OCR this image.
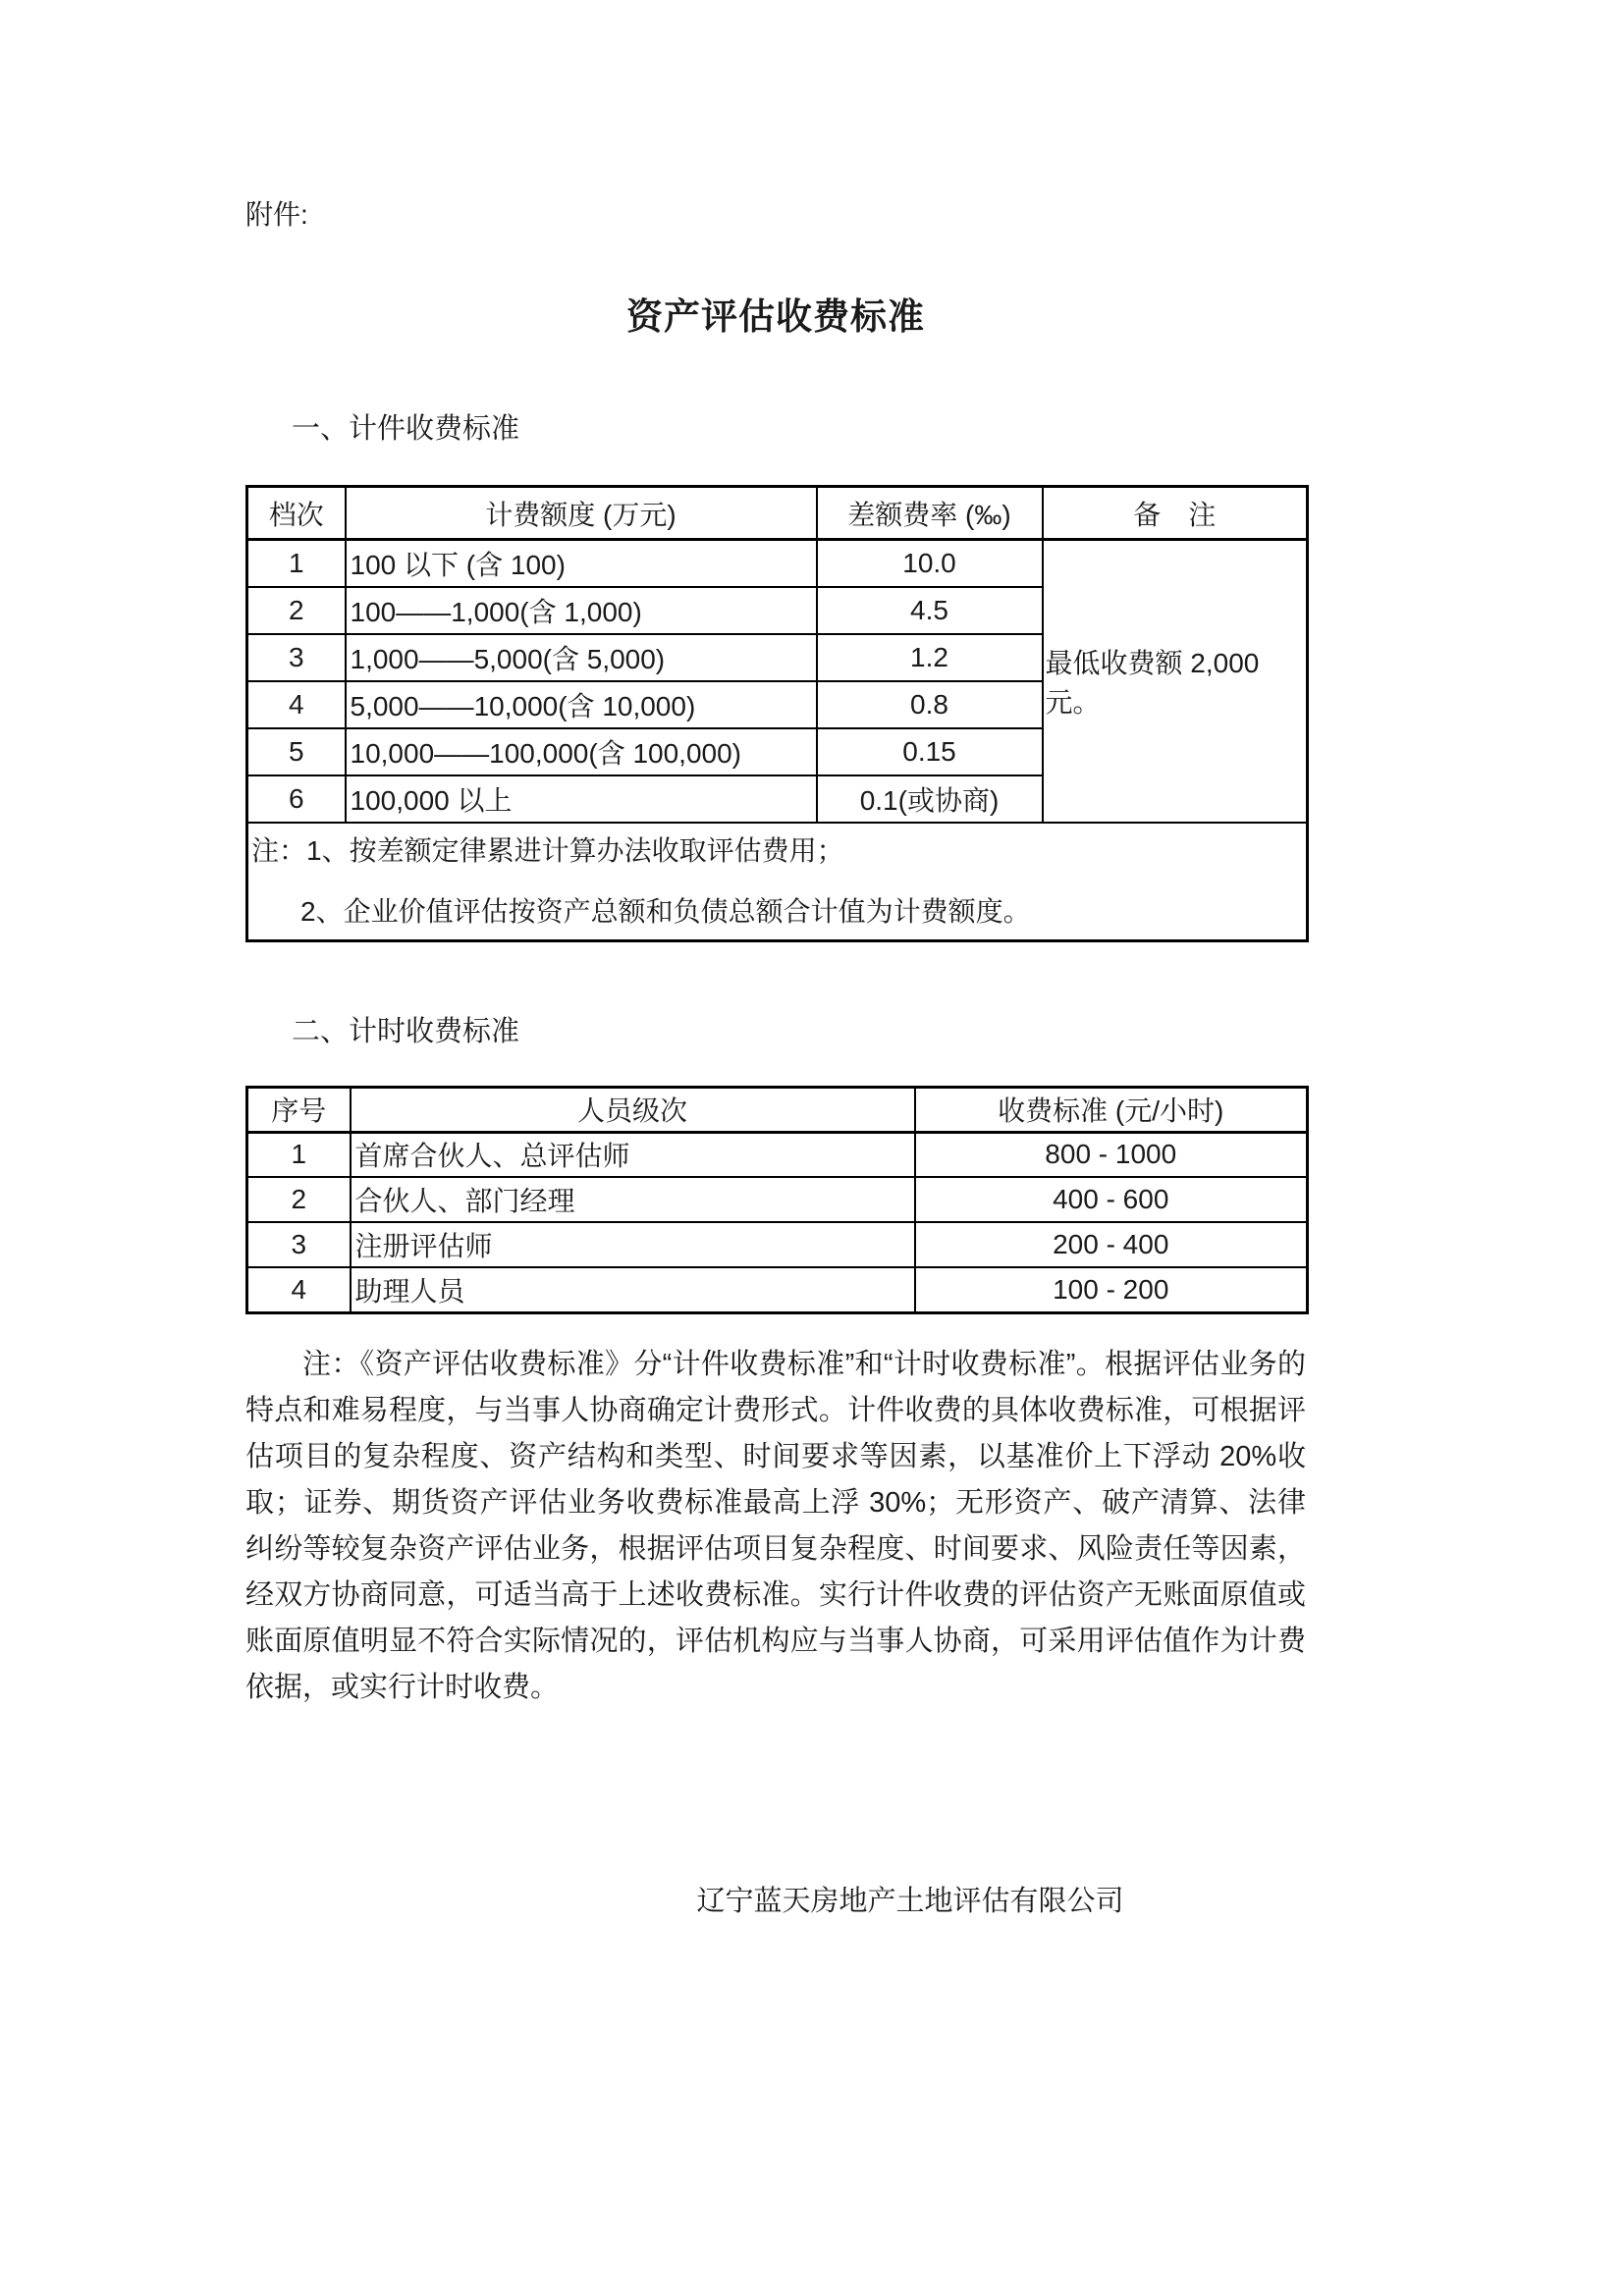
附件:
资产评估收费标准
一、计件收费标准
档次	计费额度 (万元)	差额费率 (‰)	备　注
1	100 以下 (含 100)	10.0	最低收费额 2,000 元。
2	100——1,000(含 1,000)	4.5	
3	1,000——5,000(含 5,000)	1.2	
4	5,000——10,000(含 10,000)	0.8	
5	10,000——100,000(含 100,000)	0.15	
6	100,000 以上	0.1(或协商)	

注：1、按差额定律累进计算办法收取评估费用；
2、企业价值评估按资产总额和负债总额合计值为计费额度。			
二、计时收费标准
序号	人员级次	收费标准 (元/小时)
1	首席合伙人、总评估师	800 - 1000
2	合伙人、部门经理	400 - 600
3	注册评估师	200 - 400
4	助理人员	100 - 200

注：《资产评估收费标准》分“计件收费标准”和“计时收费标准”。根据评估业务的特点和难易程度，与当事人协商确定计费形式。计件收费的具体收费标准，可根据评估项目的复杂程度、资产结构和类型、时间要求等因素，以基准价上下浮动 20%收取；证券、期货资产评估业务收费标准最高上浮 30%；无形资产、破产清算、法律纠纷等较复杂资产评估业务，根据评估项目复杂程度、时间要求、风险责任等因素，经双方协商同意，可适当高于上述收费标准。实行计件收费的评估资产无账面原值或账面原值明显不符合实际情况的，评估机构应与当事人协商，可采用评估值作为计费依据，或实行计时收费。

辽宁蓝天房地产土地评估有限公司
